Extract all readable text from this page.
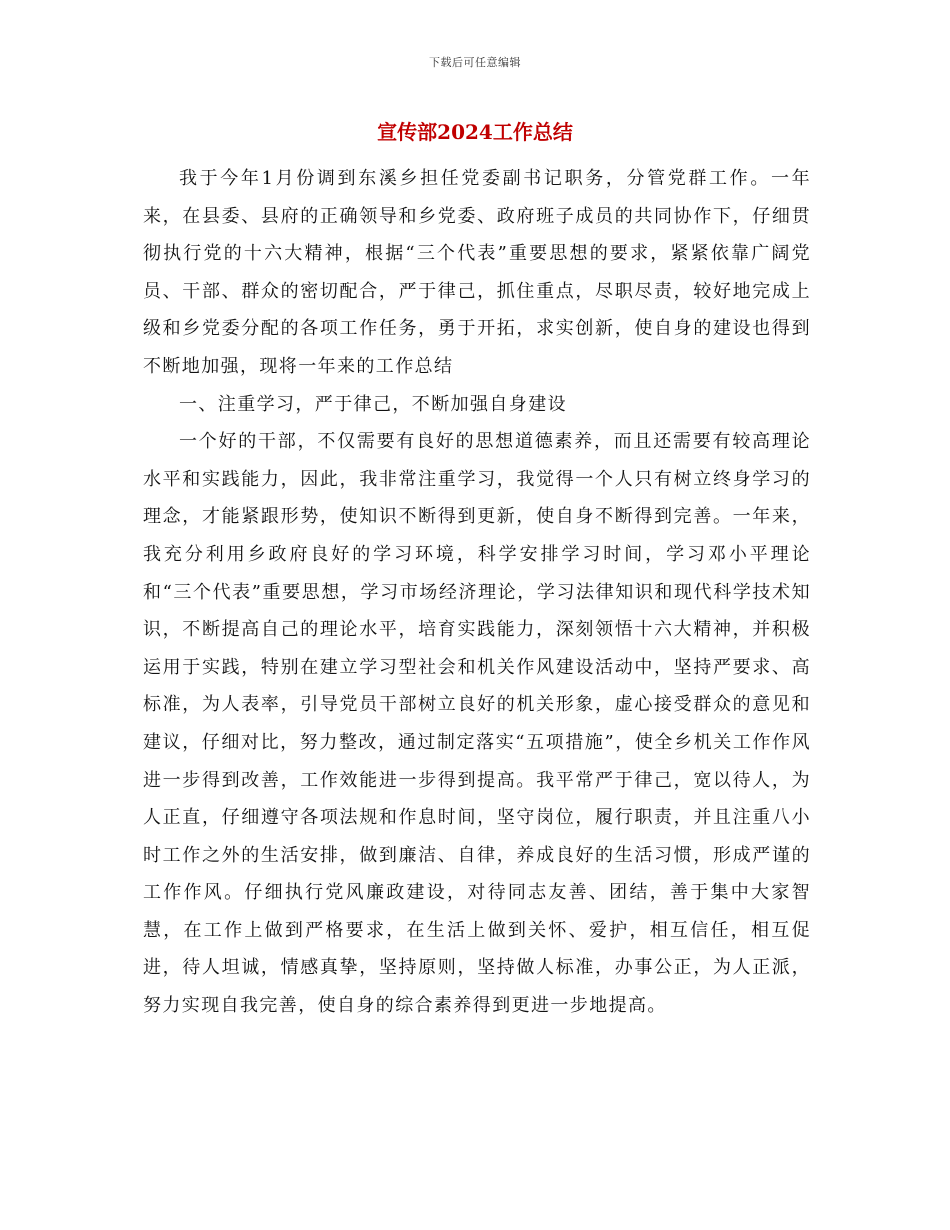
下载后可任意编辑
宣传部2024工作总结

我于今年1月份调到东溪乡担任党委副书记职务，分管党群工作。一年来，在县委、县府的正确领导和乡党委、政府班子成员的共同协作下，仔细贯彻执行党的十六大精神，根据“三个代表”重要思想的要求，紧紧依靠广阔党员、干部、群众的密切配合，严于律己，抓住重点，尽职尽责，较好地完成上级和乡党委分配的各项工作任务，勇于开拓，求实创新，使自身的建设也得到不断地加强，现将一年来的工作总结

一、注重学习，严于律己，不断加强自身建设

一个好的干部，不仅需要有良好的思想道德素养，而且还需要有较高理论水平和实践能力，因此，我非常注重学习，我觉得一个人只有树立终身学习的理念，才能紧跟形势，使知识不断得到更新，使自身不断得到完善。一年来，我充分利用乡政府良好的学习环境，科学安排学习时间，学习邓小平理论和“三个代表”重要思想，学习市场经济理论，学习法律知识和现代科学技术知识，不断提高自己的理论水平，培育实践能力，深刻领悟十六大精神，并积极运用于实践，特别在建立学习型社会和机关作风建设活动中，坚持严要求、高标准，为人表率，引导党员干部树立良好的机关形象，虚心接受群众的意见和建议，仔细对比，努力整改，通过制定落实“五项措施”，使全乡机关工作作风进一步得到改善，工作效能进一步得到提高。我平常严于律己，宽以待人，为人正直，仔细遵守各项法规和作息时间，坚守岗位，履行职责，并且注重八小时工作之外的生活安排，做到廉洁、自律，养成良好的生活习惯，形成严谨的工作作风。仔细执行党风廉政建设，对待同志友善、团结，善于集中大家智慧，在工作上做到严格要求，在生活上做到关怀、爱护，相互信任，相互促进，待人坦诚，情感真挚，坚持原则，坚持做人标准，办事公正，为人正派，努力实现自我完善，使自身的综合素养得到更进一步地提高。
